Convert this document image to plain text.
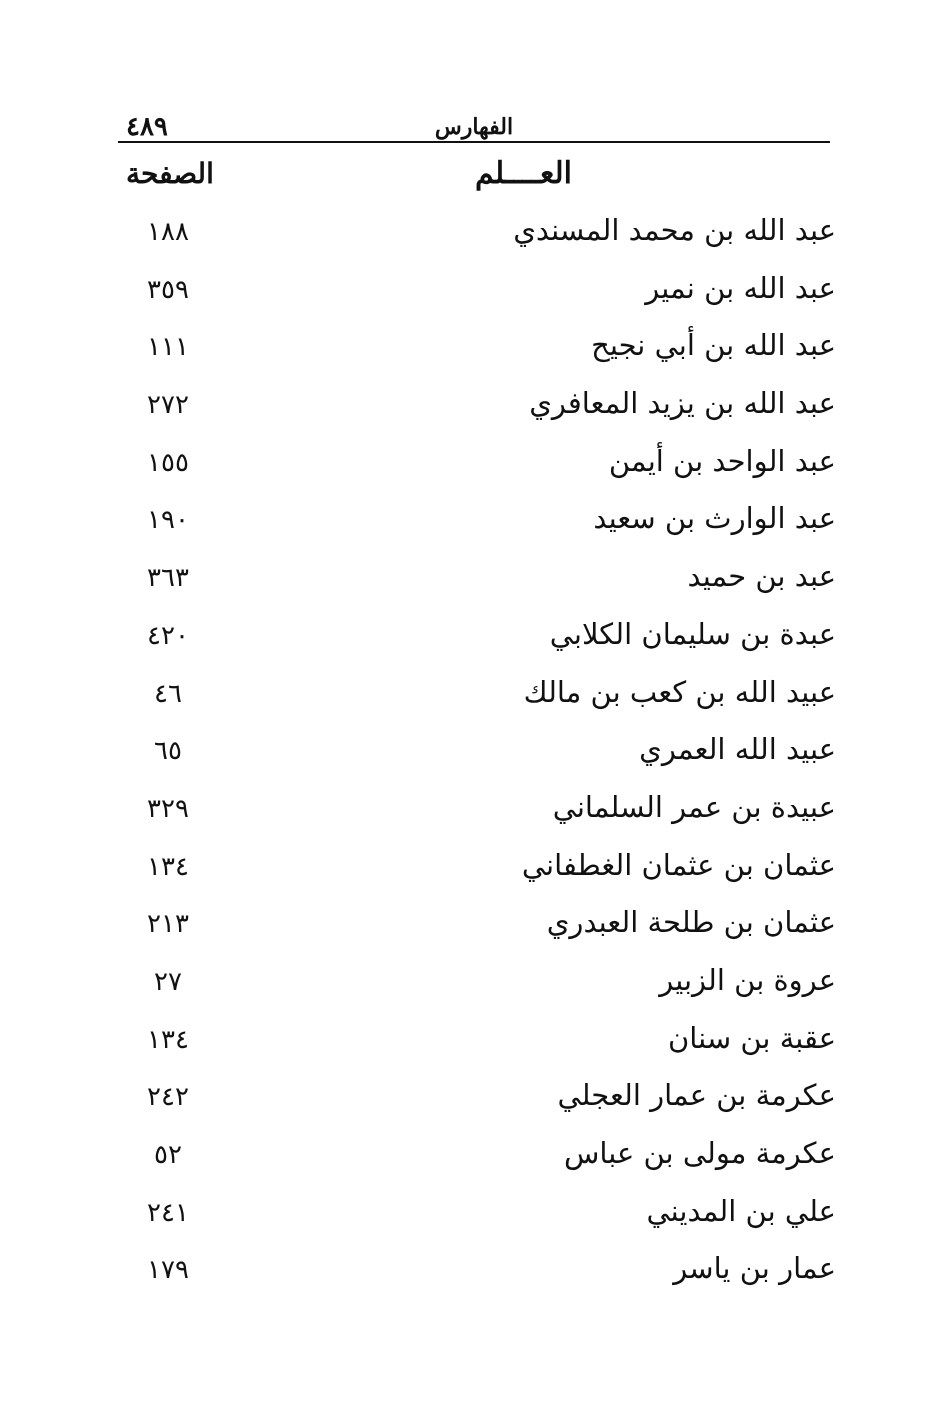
٤٨٩	الفهارس
العــــلم
الصفحة
عبد الله بن محمد المسندي
١٨٨
عبد الله بن نمير
٣٥٩
عبد الله بن أبي نجيح
١١١
عبد الله بن يزيد المعافري
٢٧٢
عبد الواحد بن أيمن
١٥٥
عبد الوارث بن سعيد
١٩٠
عبد بن حميد
٣٦٣
عبدة بن سليمان الكلابي
٤٢٠
عبيد الله بن كعب بن مالك
٤٦
عبيد الله العمري
٦٥
عبيدة بن عمر السلماني
٣٢٩
عثمان بن عثمان الغطفاني
١٣٤
عثمان بن طلحة العبدري
٢١٣
عروة بن الزبير
٢٧
عقبة بن سنان
١٣٤
عكرمة بن عمار العجلي
٢٤٢
عكرمة مولى بن عباس
٥٢
علي بن المديني
٢٤١
عمار بن ياسر
١٧٩
